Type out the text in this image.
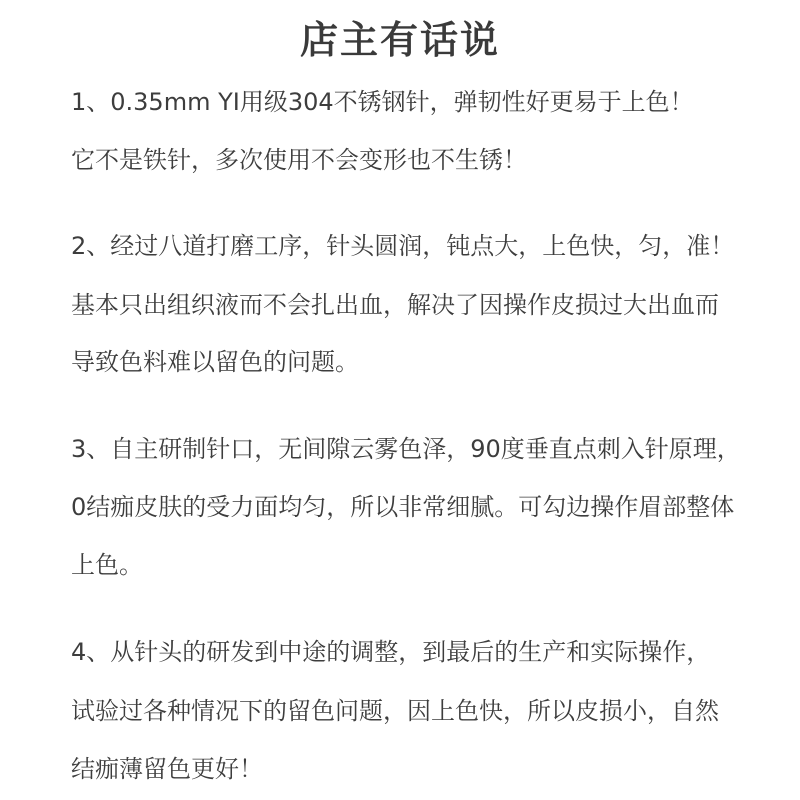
店主有话说
1、0.35mm YI用级304不锈钢针，弹韧性好更易于上色！
它不是铁针，多次使用不会变形也不生锈！
2、经过八道打磨工序，针头圆润，钝点大，上色快，匀，准！
基本只出组织液而不会扎出血，解决了因操作皮损过大出血而
导致色料难以留色的问题。
3、自主研制针口，无间隙云雾色泽，90度垂直点刺入针原理，
0结痂皮肤的受力面均匀，所以非常细腻。可勾边操作眉部整体
上色。
4、从针头的研发到中途的调整，到最后的生产和实际操作，
试验过各种情况下的留色问题，因上色快，所以皮损小，自然
结痂薄留色更好！
